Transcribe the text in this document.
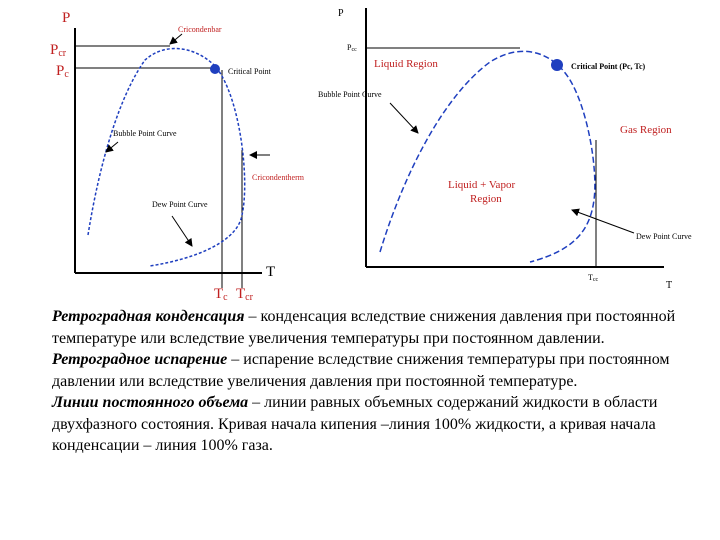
P
T
Pcr
Pc
Cricondenbar
Critical Point
Bubble Point Curve
Cricondentherm
Dew Point Curve
Tc Tcr
P
T
Pcc
Tcc
Liquid Region	Critical Point (Pc, Tc)
Bubble Point Curve
Gas Region
Liquid + Vapor
Region
Dew Point Curve

Ретроградная конденсация – конденсация вследствие снижения давления при постоянной температуре или вследствие увеличения температуры при постоянном давлении.

Ретроградное испарение – испарение вследствие снижения температуры при постоянном давлении или вследствие увеличения давления при постоянной температуре.

Линии постоянного объема – линии равных объемных содержаний жидкости в области двухфазного состояния. Кривая начала кипения –линия 100% жидкости, а кривая начала конденсации – линия 100% газа.
